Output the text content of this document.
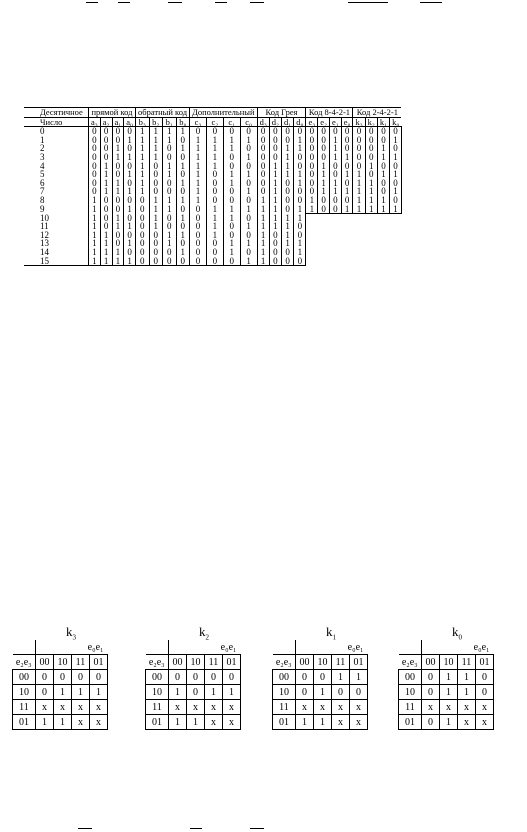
Десятичное	прямой код				обратный код				Дополнительный				Код Грея				Код 8-4-2-1				Код 2-4-2-1			
Число	a₃	a₂	a₁	a₀	b₃	b₂	b₁	b₀	c₃	c₂	c₁	c₀	d₃	d₂	d₁	d₀	e₃	e₂	e₁	e₀	k₃	k₂	k₁	k₀
0	0	0	0	0	1	1	1	1	0	0	0	0	0	0	0	0	0	0	0	0	0	0	0	0
1	0	0	0	1	1	1	1	0	1	1	1	1	0	0	0	1	0	0	1	0	0	0	0	1
2	0	0	1	0	1	1	0	1	1	1	1	0	0	0	1	1	0	0	1	0	0	0	1	0
3	0	0	1	1	1	1	0	0	1	1	0	1	0	0	1	0	0	0	1	1	0	0	1	1
4	0	1	0	0	1	0	1	1	1	1	0	0	0	1	1	0	0	1	0	0	0	1	0	0
5	0	1	0	1	1	0	1	0	1	0	1	1	0	1	1	1	0	1	0	1	1	0	1	1
6	0	1	1	0	1	0	0	1	1	0	1	0	0	1	0	1	0	1	1	0	1	1	0	0
7	0	1	1	1	1	0	0	0	1	0	0	1	0	1	0	0	0	1	1	1	1	1	0	1
8	1	0	0	0	0	1	1	1	1	0	0	0	1	1	0	0	1	0	0	0	1	1	1	0
9	1	0	0	1	0	1	1	0	0	1	1	1	1	1	0	1	1	0	0	1	1	1	1	1
10	1	0	1	0	0	1	0	1	0	1	1	0	1	1	1	1								
11	1	0	1	1	0	1	0	0	0	1	0	1	1	1	1	0								
12	1	1	0	0	0	0	1	1	0	1	0	0	1	0	1	0								
13	1	1	0	1	0	0	1	0	0	0	1	1	1	0	1	1								
14	1	1	1	0	0	0	0	1	0	0	1	0	1	0	0	1								
15	1	1	1	1	0	0	0	0	0	0	0	1	1	0	0	0								
$k_3$
	e₀e₁			
e₂e₃	00	10	11	01
00	0	0	0	0
10	0	1	1	1
11	x	x	x	x
01	1	1	x	x
$k_2$
	e₀e₁			
e₂e₃	00	10	11	01
00	0	0	0	0
10	1	0	1	1
11	x	x	x	x
01	1	1	x	x
$k_1$
	e₀e₁			
e₂e₃	00	10	11	01
00	0	0	1	1
10	0	1	0	0
11	x	x	x	x
01	1	1	x	x
$k_0$
	e₀e₁			
e₂e₃	00	10	11	01
00	0	1	1	0
10	0	1	1	0
11	x	x	x	x
01	0	1	x	x
